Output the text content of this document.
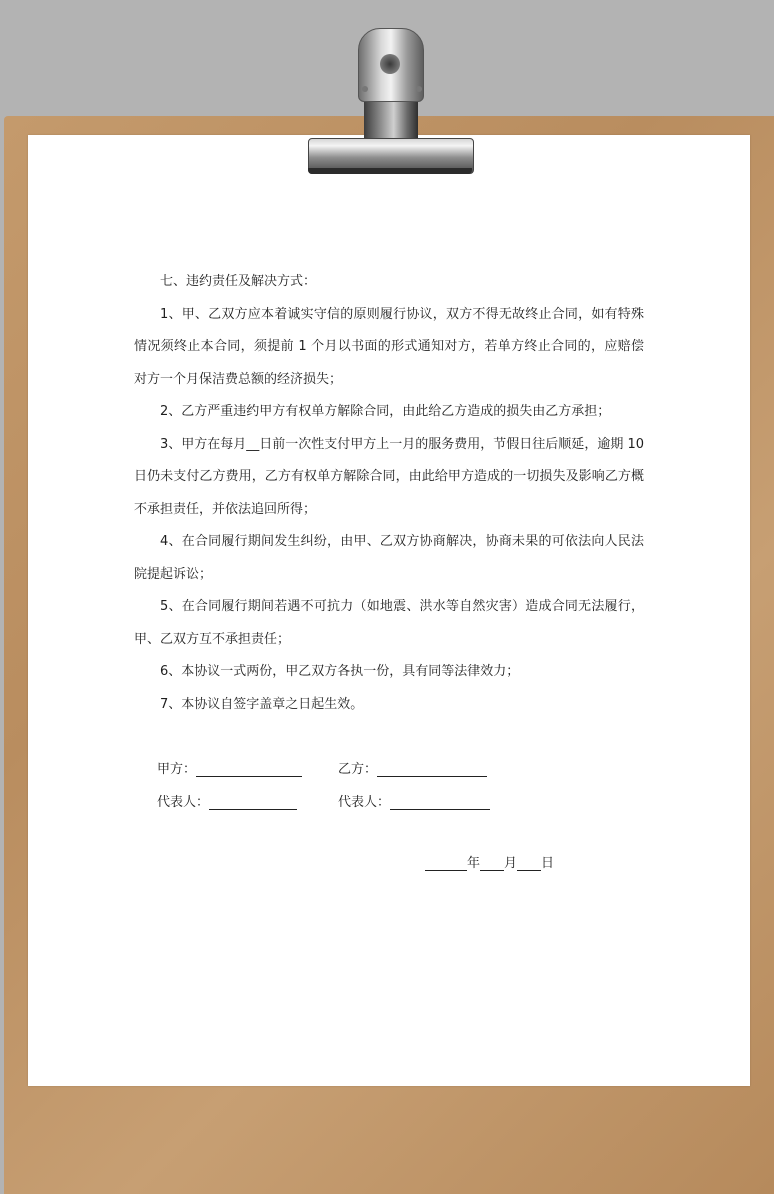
七、违约责任及解决方式：

1、甲、乙双方应本着诚实守信的原则履行协议，双方不得无故终止合同，如有特殊情况须终止本合同，须提前 1 个月以书面的形式通知对方，若单方终止合同的，应赔偿对方一个月保洁费总额的经济损失；

2、乙方严重违约甲方有权单方解除合同，由此给乙方造成的损失由乙方承担；

3、甲方在每月__日前一次性支付甲方上一月的服务费用，节假日往后顺延，逾期 10 日仍未支付乙方费用，乙方有权单方解除合同，由此给甲方造成的一切损失及影响乙方概不承担责任，并依法追回所得；

4、在合同履行期间发生纠纷，由甲、乙双方协商解决，协商未果的可依法向人民法院提起诉讼；

5、在合同履行期间若遇不可抗力（如地震、洪水等自然灾害）造成合同无法履行，甲、乙双方互不承担责任；

6、本协议一式两份，甲乙双方各执一份，具有同等法律效力；

7、本协议自签字盖章之日起生效。

甲方：	乙方：
代表人：	代表人：
年 月 日
